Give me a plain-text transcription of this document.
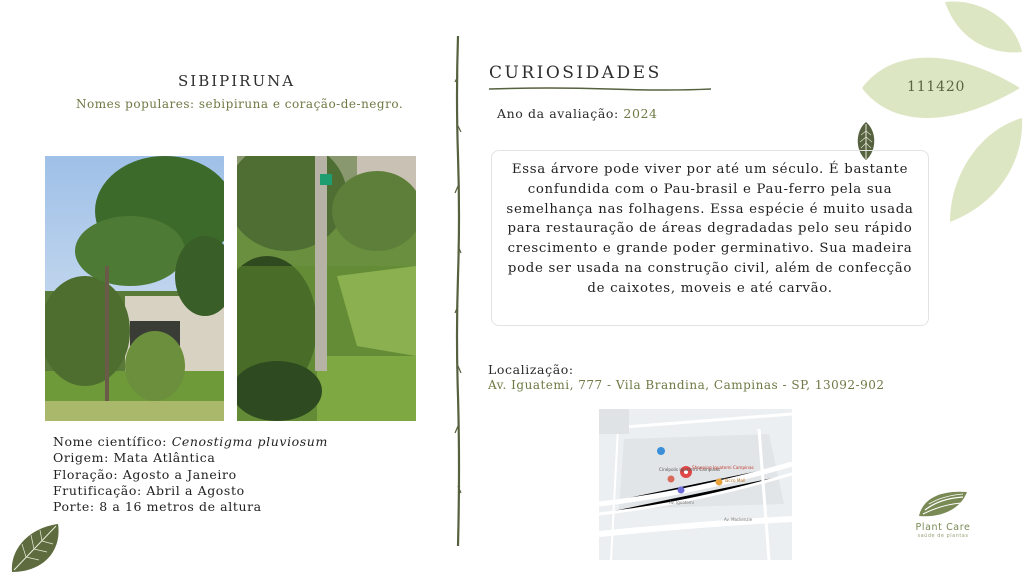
SIBIPIRUNA
Nomes populares: sebipiruna e coração-de-negro.
Nome científico: Cenostigma pluviosum
Origem: Mata Atlântica
Floração: Agosto a Janeiro
Frutificação: Abril a Agosto
Porte: 8 a 16 metros de altura
CURIOSIDADES
Ano da avaliação: 2024
Essa árvore pode viver por até um século. É bastante confundida com o Pau-brasil e Pau-ferro pela sua semelhança nas folhagens. Essa espécie é muito usada para restauração de áreas degradadas pelo seu rápido crescimento e grande poder germinativo. Sua madeira pode ser usada na construção civil, além de confecção de caixotes, moveis e até carvão.
Localização:
Av. Iguatemi, 777 - Vila Brandina, Campinas - SP, 13092-902
Cinépolis Iguatemi Campinas
Shopping Iguatemi Campinas
Tacco Mall
Av. Iguatemi
Av. Mackenzie
111420
Plant Care
saúde de plantas
